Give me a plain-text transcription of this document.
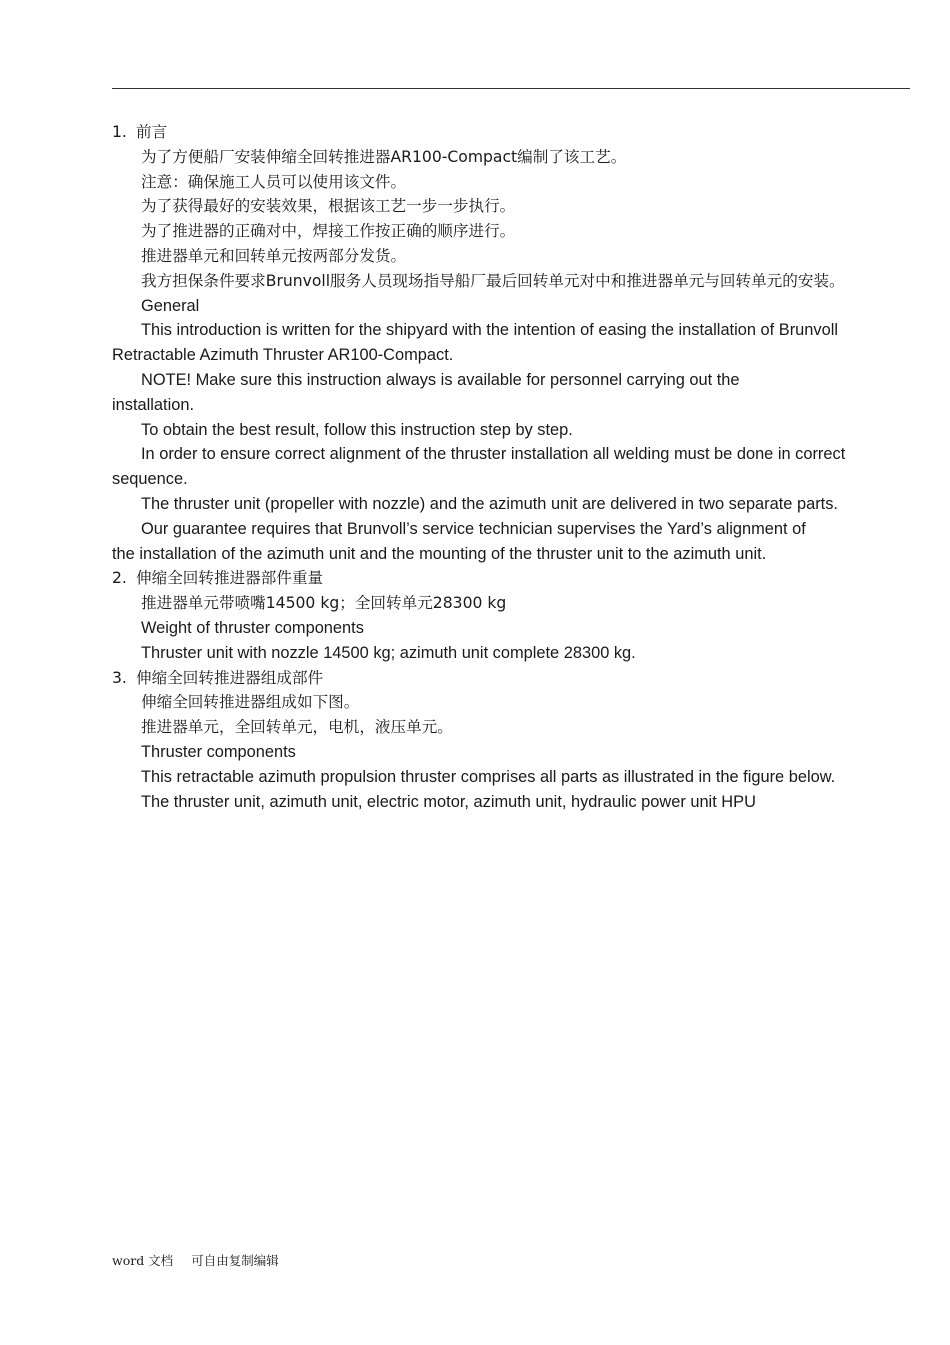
1. 前言
为了方便船厂安装伸缩全回转推进器AR100-Compact编制了该工艺。
注意：确保施工人员可以使用该文件。
为了获得最好的安装效果，根据该工艺一步一步执行。
为了推进器的正确对中，焊接工作按正确的顺序进行。
推进器单元和回转单元按两部分发货。
我方担保条件要求Brunvoll服务人员现场指导船厂最后回转单元对中和推进器单元与回转单元的安装。
General
This introduction is written for the shipyard with the intention of easing the installation of Brunvoll Retractable Azimuth Thruster AR100-Compact.
NOTE! Make sure this instruction always is available for personnel carrying out the installation.
To obtain the best result, follow this instruction step by step.
In order to ensure correct alignment of the thruster installation all welding must be done in correct sequence.
The thruster unit (propeller with nozzle) and the azimuth unit are delivered in two separate parts.
Our guarantee requires that Brunvoll’s service technician supervises the Yard’s alignment of the installation of the azimuth unit and the mounting of the thruster unit to the azimuth unit.
2. 伸缩全回转推进器部件重量
推进器单元带喷嘴14500 kg；全回转单元28300 kg
Weight of thruster components
Thruster unit with nozzle 14500 kg; azimuth unit complete 28300 kg.
3. 伸缩全回转推进器组成部件
伸缩全回转推进器组成如下图。
推进器单元，全回转单元，电机，液压单元。
Thruster components
This retractable azimuth propulsion thruster comprises all parts as illustrated in the figure below.
The thruster unit, azimuth unit, electric motor, azimuth unit, hydraulic power unit HPU
word 文档 可自由复制编辑
